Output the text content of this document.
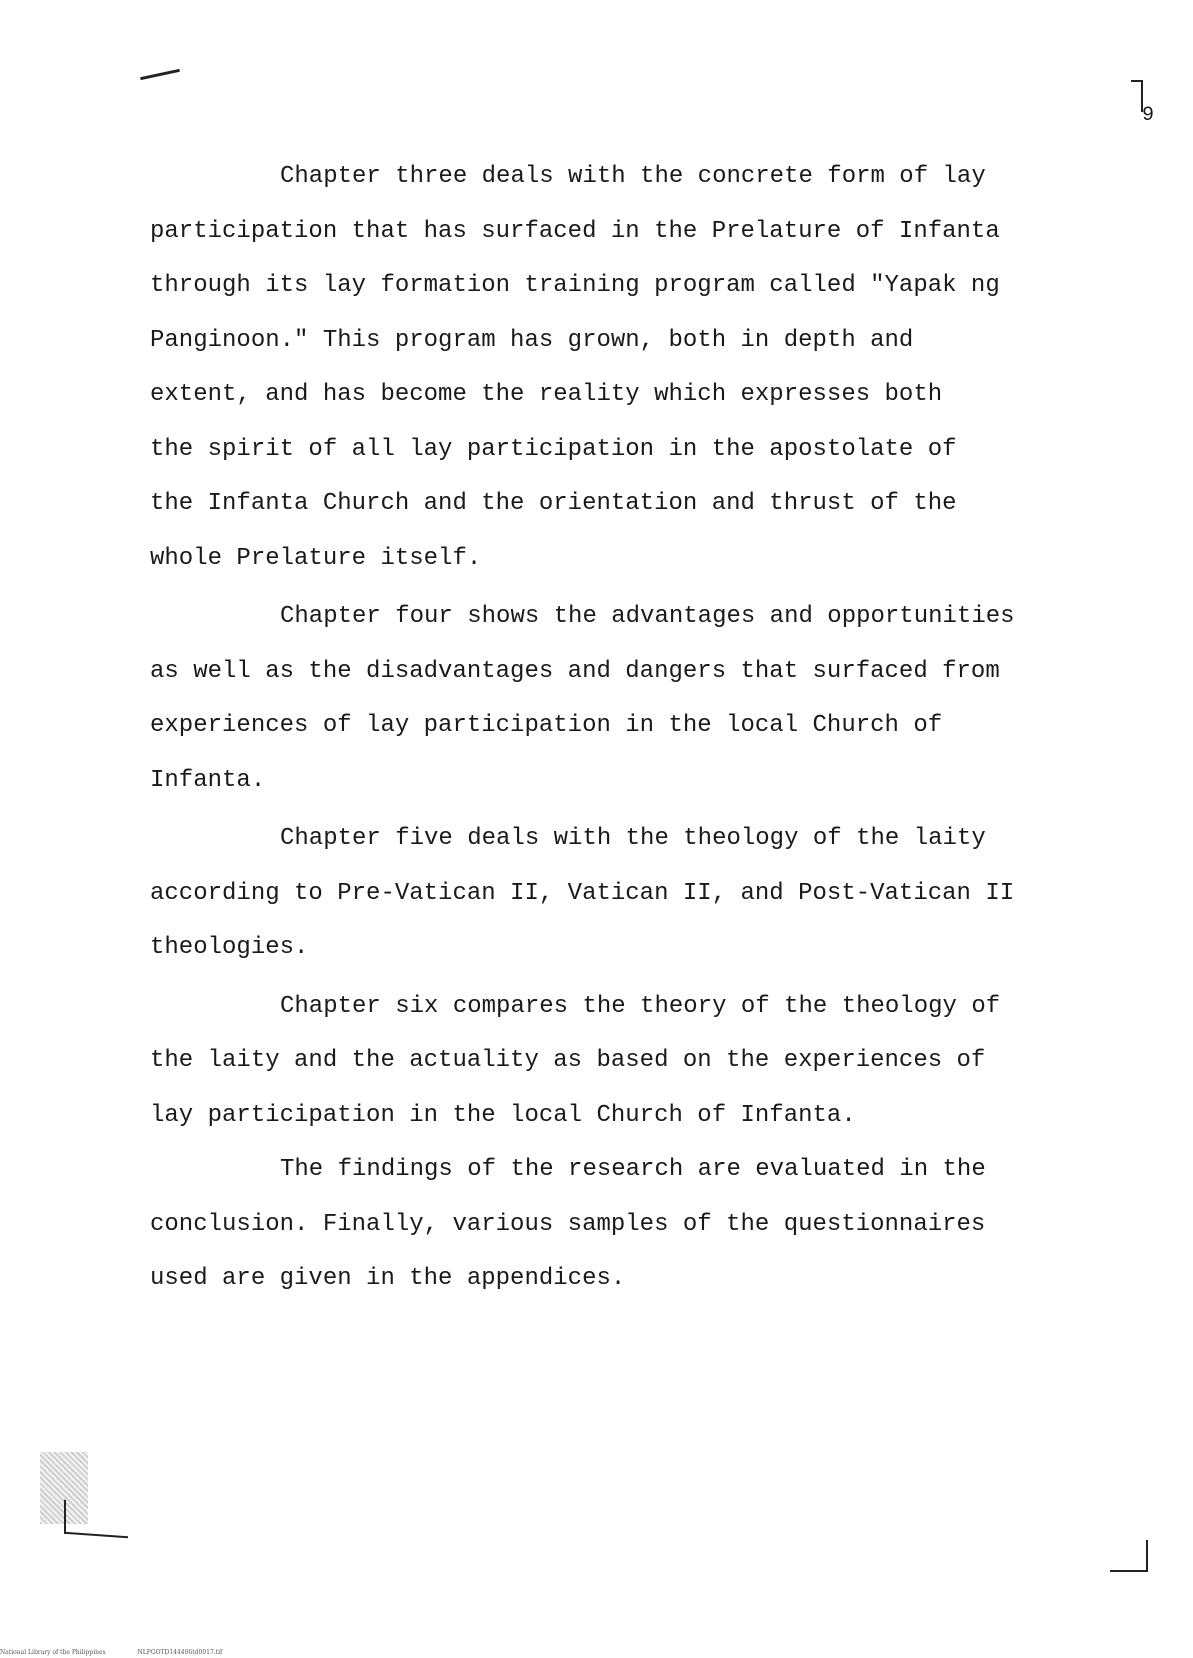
9

Chapter three deals with the concrete form of lay
participation that has surfaced in the Prelature of Infanta
through its lay formation training program called "Yapak ng
Panginoon." This program has grown, both in depth and
extent, and has become the reality which expresses both
the spirit of all lay participation in the apostolate of
the Infanta Church and the orientation and thrust of the
whole Prelature itself.

Chapter four shows the advantages and opportunities
as well as the disadvantages and dangers that surfaced from
experiences of lay participation in the local Church of
Infanta.

Chapter five deals with the theology of the laity
according to Pre-Vatican II, Vatican II, and Post-Vatican II
theologies.

Chapter six compares the theory of the theology of
the laity and the actuality as based on the experiences of
lay participation in the local Church of Infanta.

The findings of the research are evaluated in the
conclusion. Finally, various samples of the questionnaires
used are given in the appendices.

National Library of the Philippines	NLPGOTD144406td0017.tif
